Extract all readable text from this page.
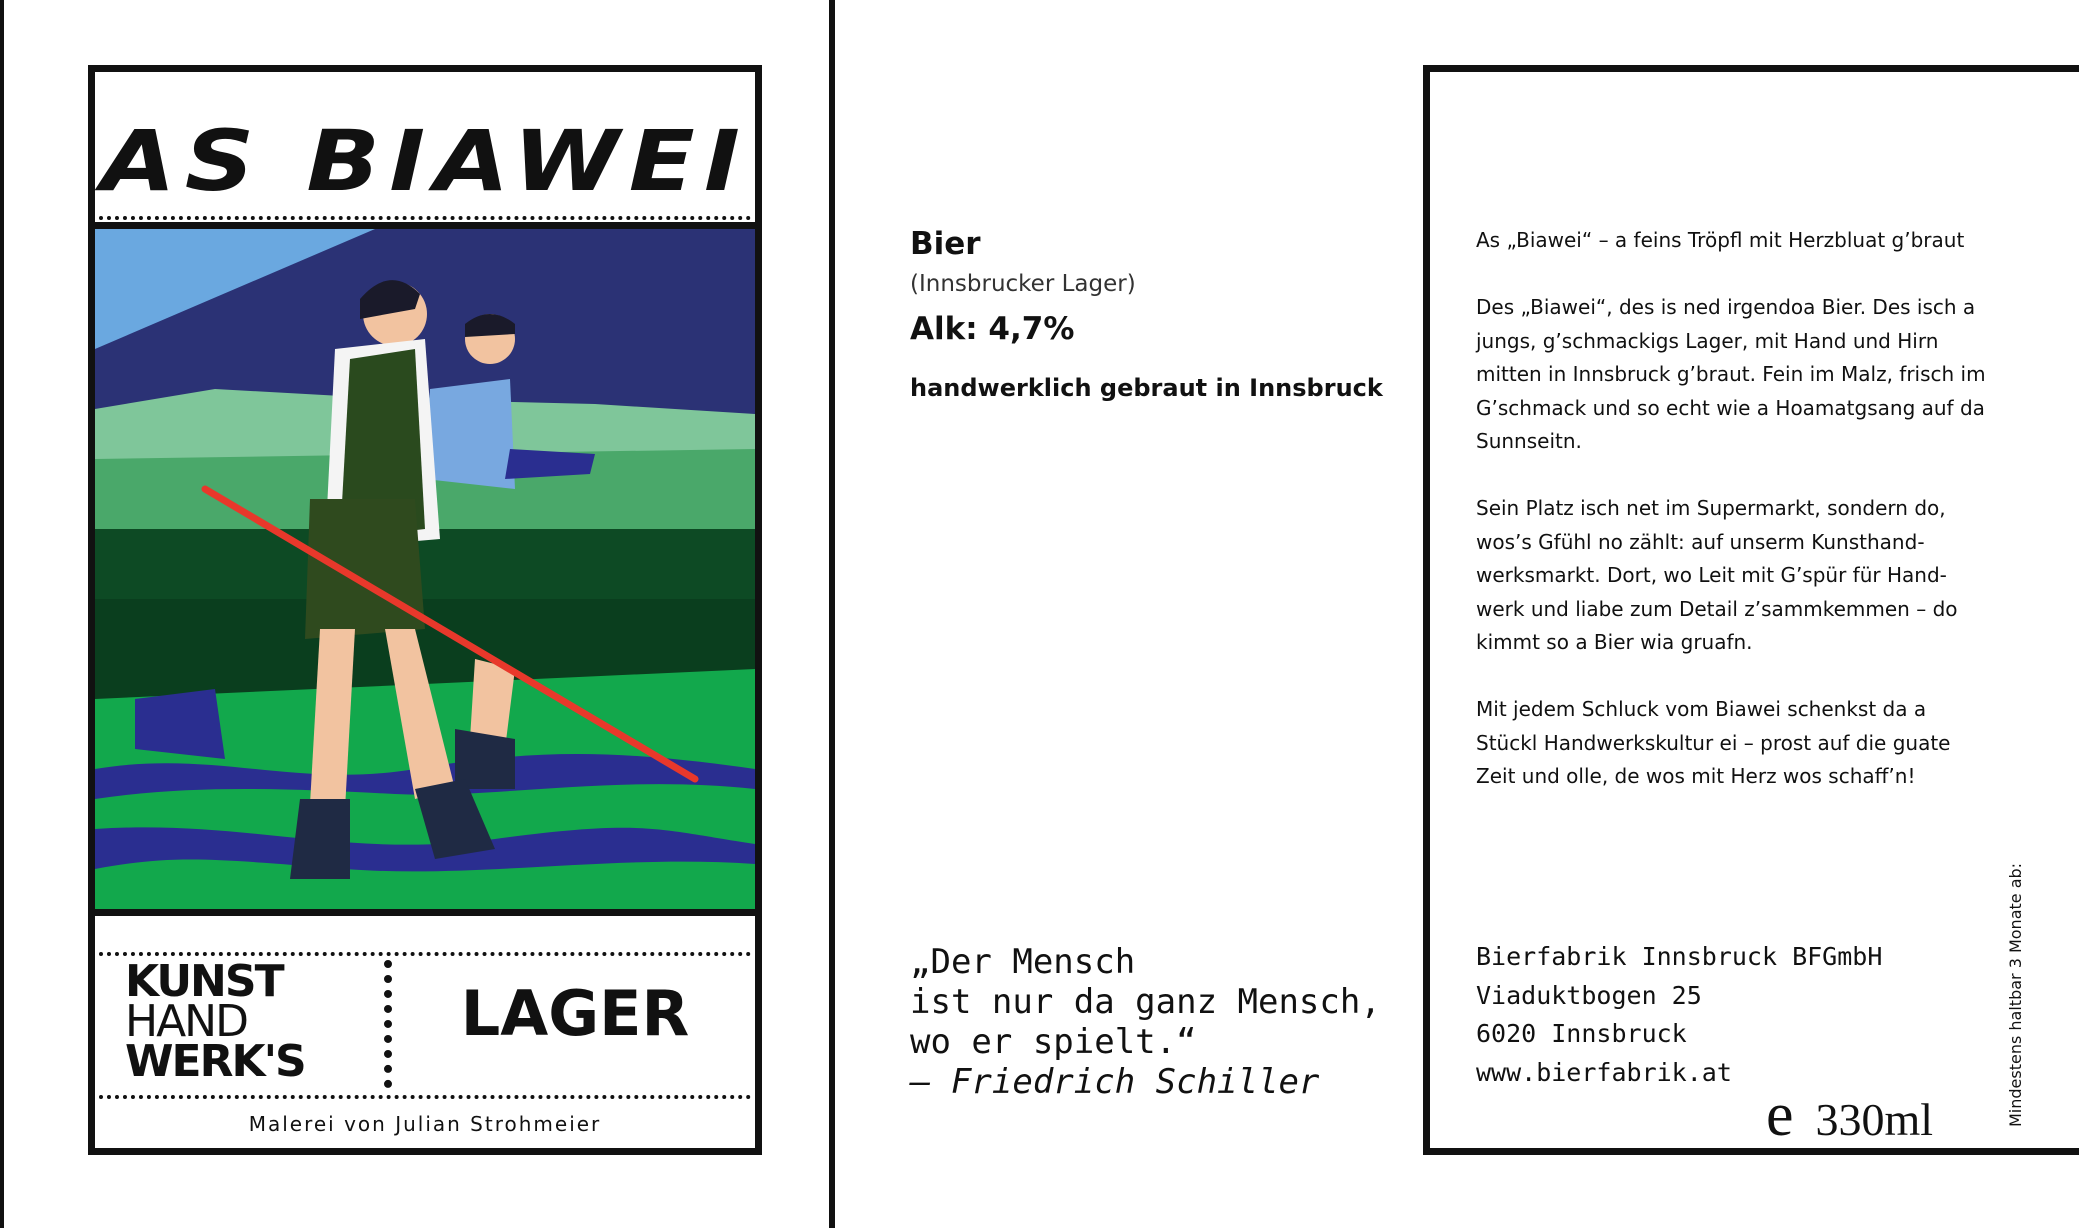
AS BIAWEI
KUNST
HAND
WERK'S
LAGER
Malerei von Julian Strohmeier
Bier
(Innsbrucker Lager)
Alk: 4,7%
handwerklich gebraut in Innsbruck
„Der Mensch
ist nur da ganz Mensch,
wo er spielt.“
– Friedrich Schiller

As „Biawei“ – a feins Tröpfl mit Herzbluat g’braut

Des „Biawei“, des is ned irgendoa Bier. Des isch a jungs, g’schmackigs Lager, mit Hand und Hirn mitten in Innsbruck g’braut. Fein im Malz, frisch im G’schmack und so echt wie a Hoamatgsang auf da Sunnseitn.

Sein Platz isch net im Supermarkt, sondern do, wos’s Gfühl no zählt: auf unserm Kunsthandwerksmarkt. Dort, wo Leit mit G’spür für Handwerk und liabe zum Detail z’sammkemmen – do kimmt so a Bier wia gruafn.

Mit jedem Schluck vom Biawei schenkst da a Stückl Handwerkskultur ei – prost auf die guate Zeit und olle, de wos mit Herz wos schaff’n!

Bierfabrik Innsbruck BFGmbH
Viaduktbogen 25
6020 Innsbruck
www.bierfabrik.at
e 330ml	Mindestens haltbar 3 Monate ab:
